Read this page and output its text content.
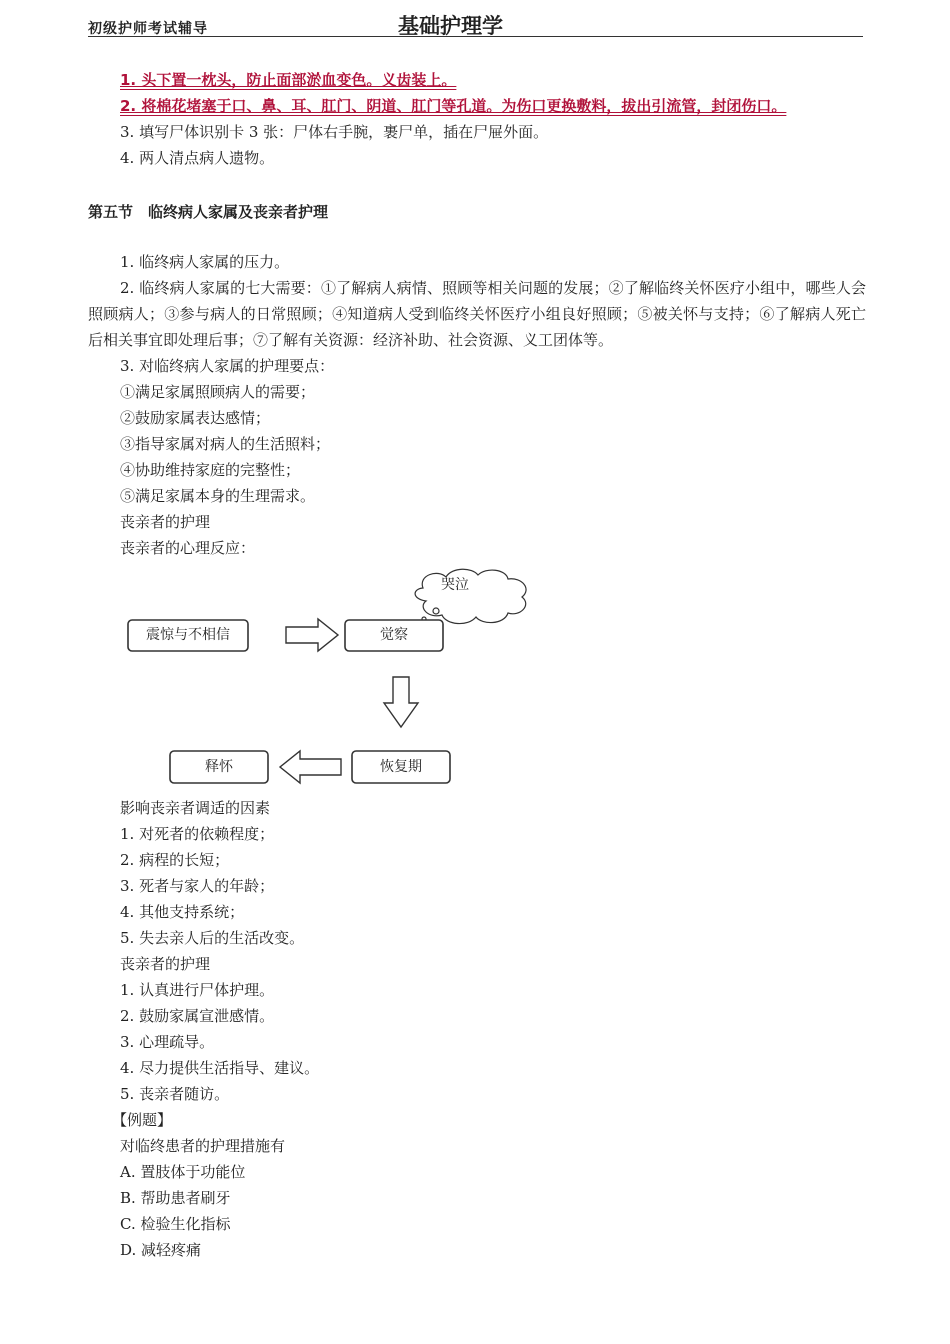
初级护师考试辅导	基础护理学
1. 头下置一枕头，防止面部淤血变色。义齿装上。
2. 将棉花堵塞于口、鼻、耳、肛门、阴道、肛门等孔道。为伤口更换敷料，拔出引流管，封闭伤口。
3. 填写尸体识别卡 3 张：尸体右手腕，裹尸单，插在尸屉外面。
4. 两人清点病人遗物。
第五节　临终病人家属及丧亲者护理
1. 临终病人家属的压力。
2. 临终病人家属的七大需要：①了解病人病情、照顾等相关问题的发展；②了解临终关怀医疗小组中，哪些人会照顾病人；③参与病人的日常照顾；④知道病人受到临终关怀医疗小组良好照顾；⑤被关怀与支持；⑥了解病人死亡后相关事宜即处理后事；⑦了解有关资源：经济补助、社会资源、义工团体等。
3. 对临终病人家属的护理要点：
①满足家属照顾病人的需要；
②鼓励家属表达感情；
③指导家属对病人的生活照料；
④协助维持家庭的完整性；
⑤满足家属本身的生理需求。
丧亲者的护理
丧亲者的心理反应：
震惊与不相信	觉察
哭泣
恢复期
释怀
影响丧亲者调适的因素
1. 对死者的依赖程度；
2. 病程的长短；
3. 死者与家人的年龄；
4. 其他支持系统；
5. 失去亲人后的生活改变。
丧亲者的护理
1. 认真进行尸体护理。
2. 鼓励家属宣泄感情。
3. 心理疏导。
4. 尽力提供生活指导、建议。
5. 丧亲者随访。
【例题】
对临终患者的护理措施有
A. 置肢体于功能位
B. 帮助患者刷牙
C. 检验生化指标
D. 减轻疼痛
